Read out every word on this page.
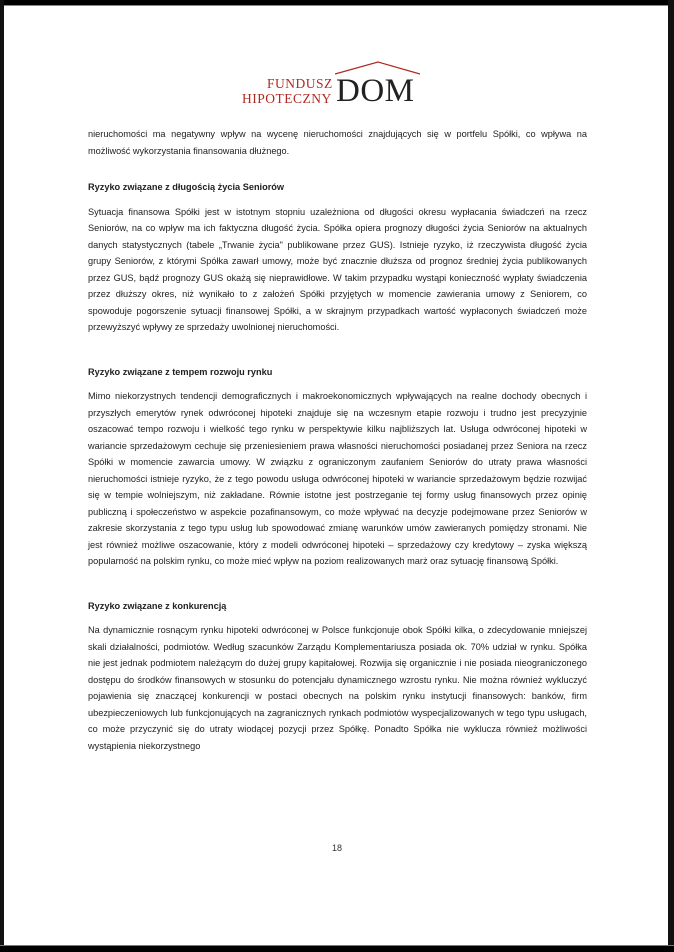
FUNDUSZ
HIPOTECZNY DOM

nieruchomości ma negatywny wpływ na wycenę nieruchomości znajdujących się w portfelu Spółki, co wpływa na możliwość wykorzystania finansowania dłużnego.

Ryzyko związane z długością życia Seniorów

Sytuacja finansowa Spółki jest w istotnym stopniu uzależniona od długości okresu wypłacania świadczeń na rzecz Seniorów, na co wpływ ma ich faktyczna długość życia. Spółka opiera prognozy długości życia Seniorów na aktualnych danych statystycznych (tabele „Trwanie życia" publikowane przez GUS). Istnieje ryzyko, iż rzeczywista długość życia grupy Seniorów, z którymi Spółka zawarł umowy, może być znacznie dłuższa od prognoz średniej życia publikowanych przez GUS, bądź prognozy GUS okażą się nieprawidłowe. W takim przypadku wystąpi konieczność wypłaty świadczenia przez dłuższy okres, niż wynikało to z założeń Spółki przyjętych w momencie zawierania umowy z Seniorem, co spowoduje pogorszenie sytuacji finansowej Spółki, a w skrajnym przypadkach wartość wypłaconych świadczeń może przewyższyć wpływy ze sprzedaży uwolnionej nieruchomości.

Ryzyko związane z tempem rozwoju rynku

Mimo niekorzystnych tendencji demograficznych i makroekonomicznych wpływających na realne dochody obecnych i przyszłych emerytów rynek odwróconej hipoteki znajduje się na wczesnym etapie rozwoju i trudno jest precyzyjnie oszacować tempo rozwoju i wielkość tego rynku w perspektywie kilku najbliższych lat. Usługa odwróconej hipoteki w wariancie sprzedażowym cechuje się przeniesieniem prawa własności nieruchomości posiadanej przez Seniora na rzecz Spółki w momencie zawarcia umowy. W związku z ograniczonym zaufaniem Seniorów do utraty prawa własności nieruchomości istnieje ryzyko, że z tego powodu usługa odwróconej hipoteki w wariancie sprzedażowym będzie rozwijać się w tempie wolniejszym, niż zakładane. Równie istotne jest postrzeganie tej formy usług finansowych przez opinię publiczną i społeczeństwo w aspekcie pozafinansowym, co może wpływać na decyzje podejmowane przez Seniorów w zakresie skorzystania z tego typu usług lub spowodować zmianę warunków umów zawieranych pomiędzy stronami. Nie jest również możliwe oszacowanie, który z modeli odwróconej hipoteki – sprzedażowy czy kredytowy – zyska większą popularność na polskim rynku, co może mieć wpływ na poziom realizowanych marż oraz sytuację finansową Spółki.

Ryzyko związane z konkurencją

Na dynamicznie rosnącym rynku hipoteki odwróconej w Polsce funkcjonuje obok Spółki kilka, o zdecydowanie mniejszej skali działalności, podmiotów. Według szacunków Zarządu Komplementariusza posiada ok. 70% udział w rynku. Spółka nie jest jednak podmiotem należącym do dużej grupy kapitałowej. Rozwija się organicznie i nie posiada nieograniczonego dostępu do środków finansowych w stosunku do potencjału dynamicznego wzrostu rynku. Nie można również wykluczyć pojawienia się znaczącej konkurencji w postaci obecnych na polskim rynku instytucji finansowych: banków, firm ubezpieczeniowych lub funkcjonujących na zagranicznych rynkach podmiotów wyspecjalizowanych w tego typu usługach, co może przyczynić się do utraty wiodącej pozycji przez Spółkę. Ponadto Spółka nie wyklucza również możliwości wystąpienia niekorzystnego

18
